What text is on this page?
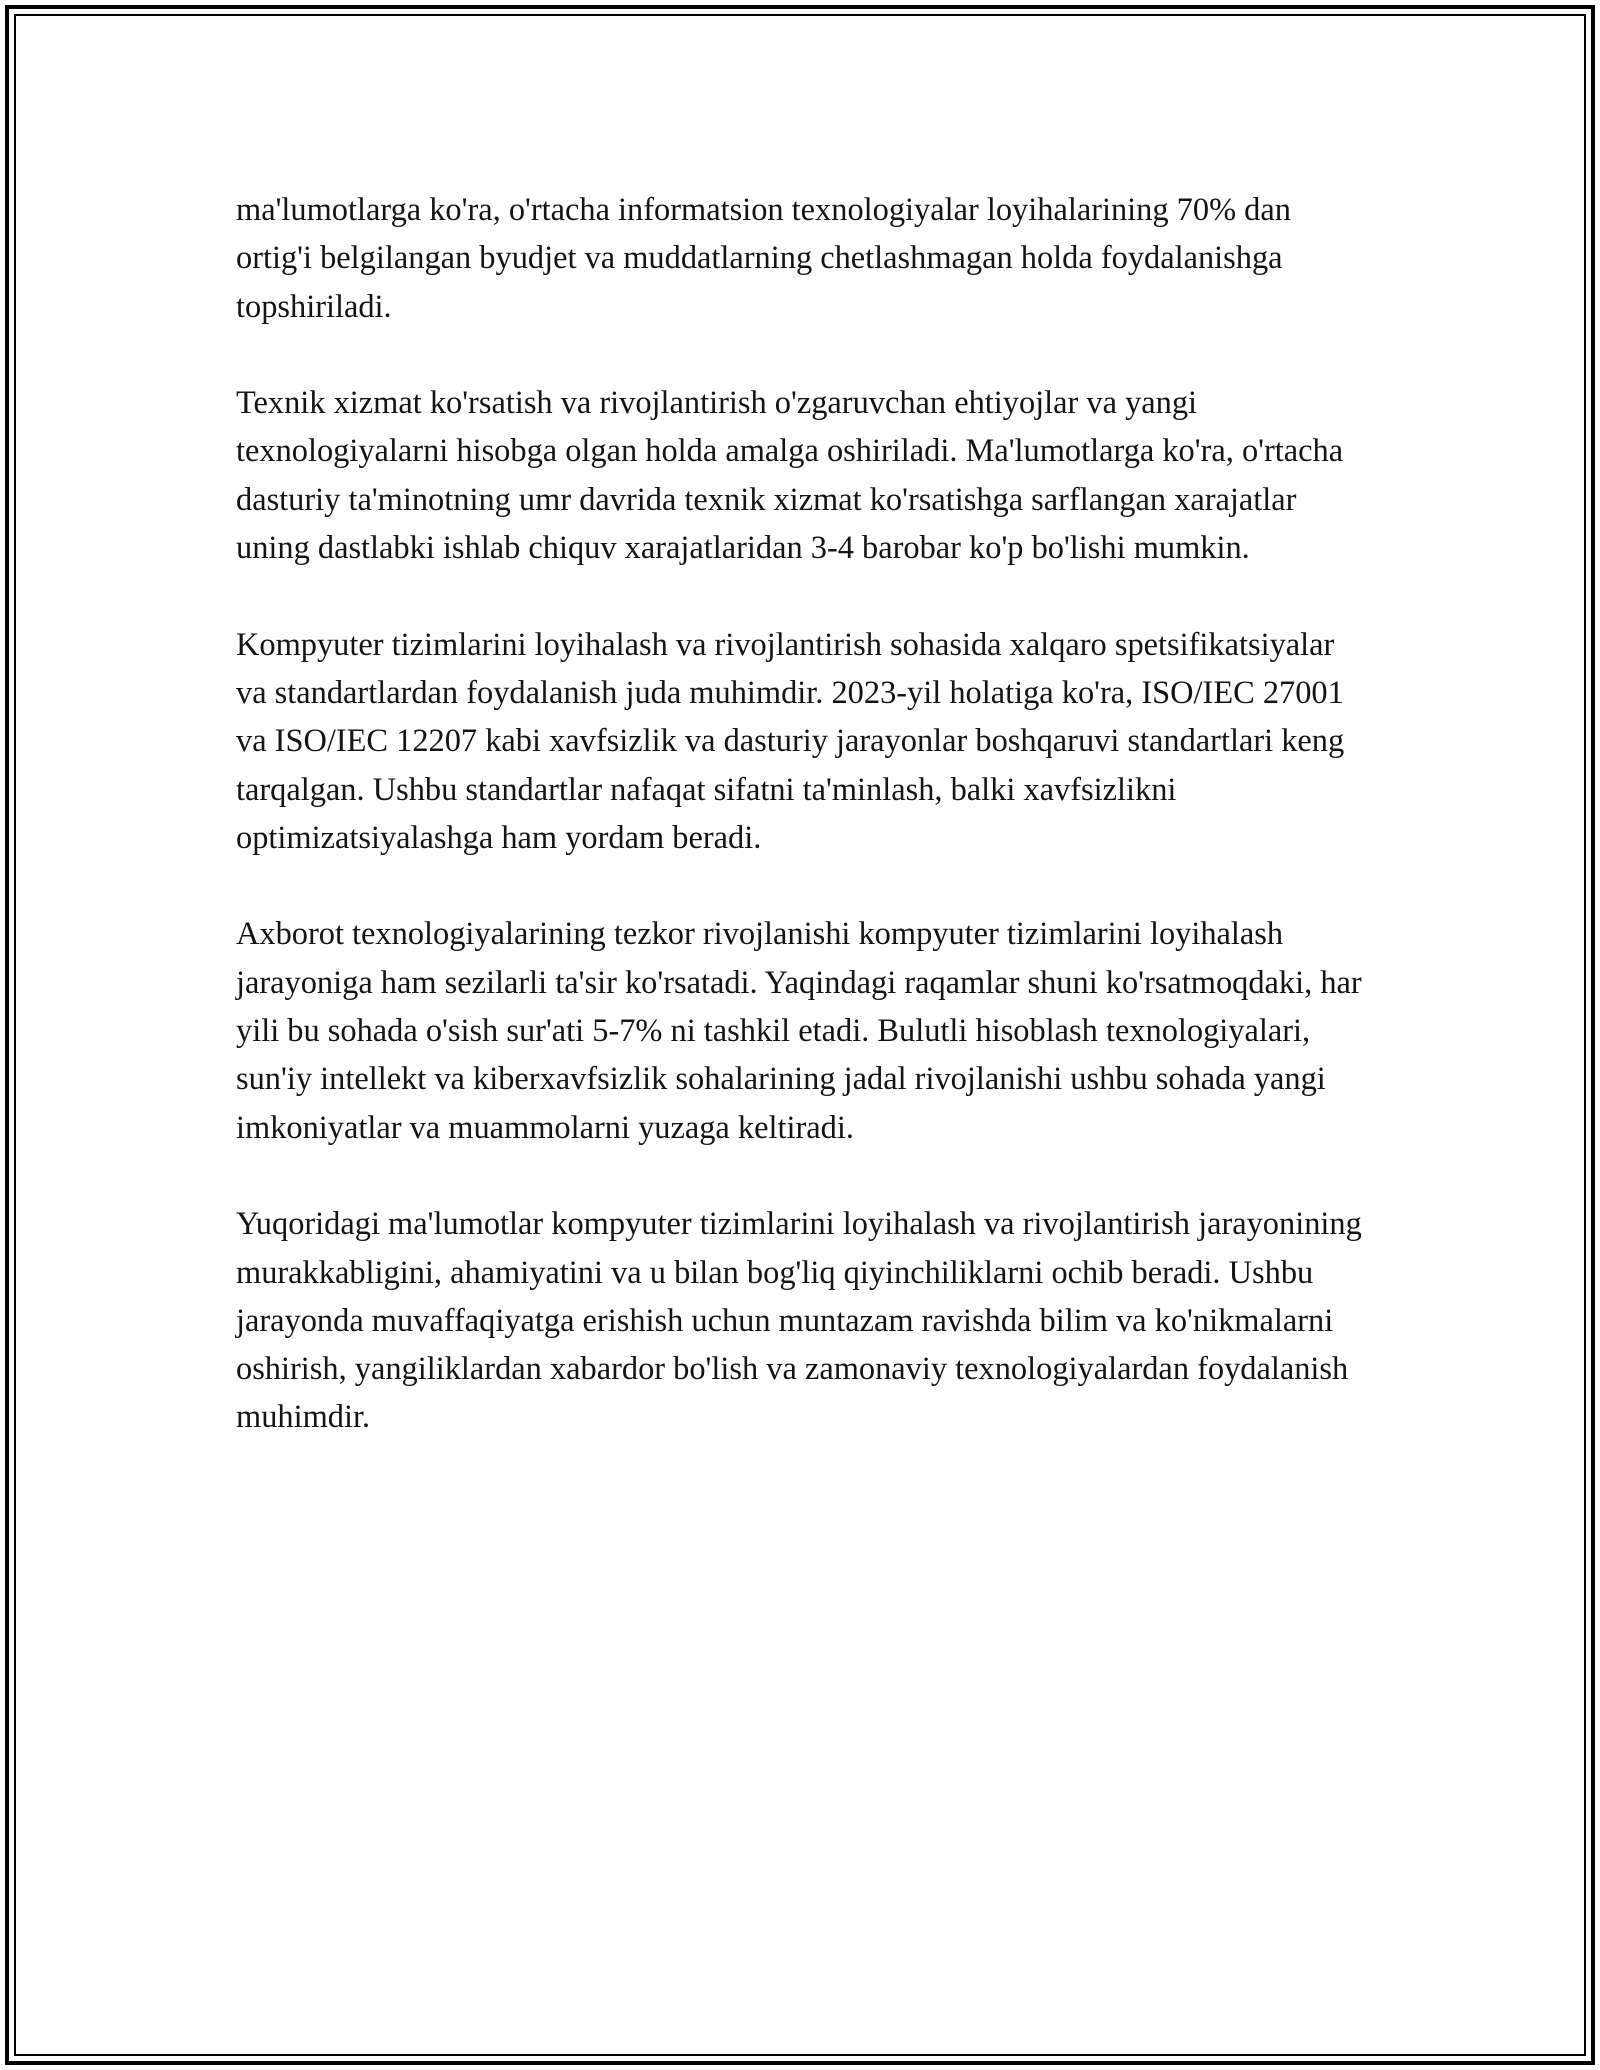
ma'lumotlarga ko'ra, o'rtacha informatsion texnologiyalar loyihalarining 70% dan ortig'i belgilangan byudjet va muddatlarning chetlashmagan holda foydalanishga topshiriladi.

Texnik xizmat ko'rsatish va rivojlantirish o'zgaruvchan ehtiyojlar va yangi texnologiyalarni hisobga olgan holda amalga oshiriladi. Ma'lumotlarga ko'ra, o'rtacha dasturiy ta'minotning umr davrida texnik xizmat ko'rsatishga sarflangan xarajatlar uning dastlabki ishlab chiquv xarajatlaridan 3-4 barobar ko'p bo'lishi mumkin.

Kompyuter tizimlarini loyihalash va rivojlantirish sohasida xalqaro spetsifikatsiyalar va standartlardan foydalanish juda muhimdir. 2023-yil holatiga ko'ra, ISO/IEC 27001 va ISO/IEC 12207 kabi xavfsizlik va dasturiy jarayonlar boshqaruvi standartlari keng tarqalgan. Ushbu standartlar nafaqat sifatni ta'minlash, balki xavfsizlikni optimizatsiyalashga ham yordam beradi.

Axborot texnologiyalarining tezkor rivojlanishi kompyuter tizimlarini loyihalash jarayoniga ham sezilarli ta'sir ko'rsatadi. Yaqindagi raqamlar shuni ko'rsatmoqdaki, har yili bu sohada o'sish sur'ati 5-7% ni tashkil etadi. Bulutli hisoblash texnologiyalari, sun'iy intellekt va kiberxavfsizlik sohalarining jadal rivojlanishi ushbu sohada yangi imkoniyatlar va muammolarni yuzaga keltiradi.

Yuqoridagi ma'lumotlar kompyuter tizimlarini loyihalash va rivojlantirish jarayonining murakkabligini, ahamiyatini va u bilan bog'liq qiyinchiliklarni ochib beradi. Ushbu jarayonda muvaffaqiyatga erishish uchun muntazam ravishda bilim va ko'nikmalarni oshirish, yangiliklardan xabardor bo'lish va zamonaviy texnologiyalardan foydalanish muhimdir.
